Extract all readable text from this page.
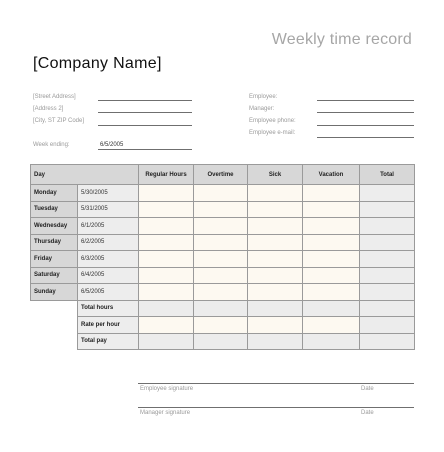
Weekly time record
[Company Name]
[Street Address]
[Address 2]
[City, ST ZIP Code]
Week ending:	6/5/2005
Employee:
Manager:
Employee phone:
Employee e-mail:
Day		Regular Hours	Overtime	Sick	Vacation	Total
Monday	5/30/2005					
Tuesday	5/31/2005					
Wednesday	6/1/2005					
Thursday	6/2/2005					
Friday	6/3/2005					
Saturday	6/4/2005					
Sunday	6/5/2005					
	Total hours					
	Rate per hour					
	Total pay					
Employee signature	Date
Manager signature	Date
